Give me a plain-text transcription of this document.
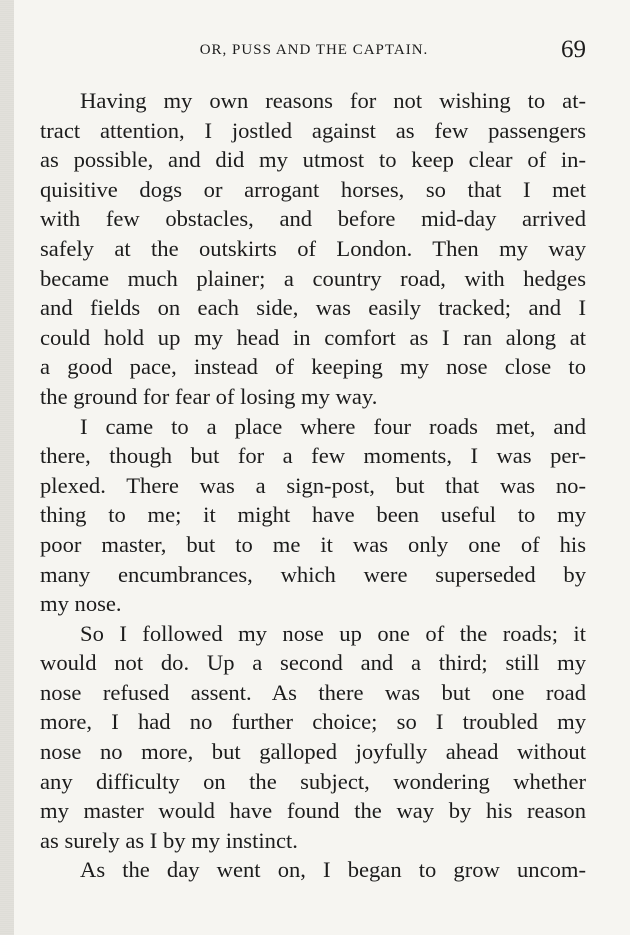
OR, PUSS AND THE CAPTAIN.	69
Having my own reasons for not wishing to at-
tract attention, I jostled against as few passengers
as possible, and did my utmost to keep clear of in-
quisitive dogs or arrogant horses, so that I met
with few obstacles, and before mid-day arrived
safely at the outskirts of London. Then my way
became much plainer; a country road, with hedges
and fields on each side, was easily tracked; and I
could hold up my head in comfort as I ran along at
a good pace, instead of keeping my nose close to
the ground for fear of losing my way.
I came to a place where four roads met, and
there, though but for a few moments, I was per-
plexed. There was a sign-post, but that was no-
thing to me; it might have been useful to my
poor master, but to me it was only one of his
many encumbrances, which were superseded by
my nose.
So I followed my nose up one of the roads; it
would not do. Up a second and a third; still my
nose refused assent. As there was but one road
more, I had no further choice; so I troubled my
nose no more, but galloped joyfully ahead without
any difficulty on the subject, wondering whether
my master would have found the way by his reason
as surely as I by my instinct.
As the day went on, I began to grow uncom-
